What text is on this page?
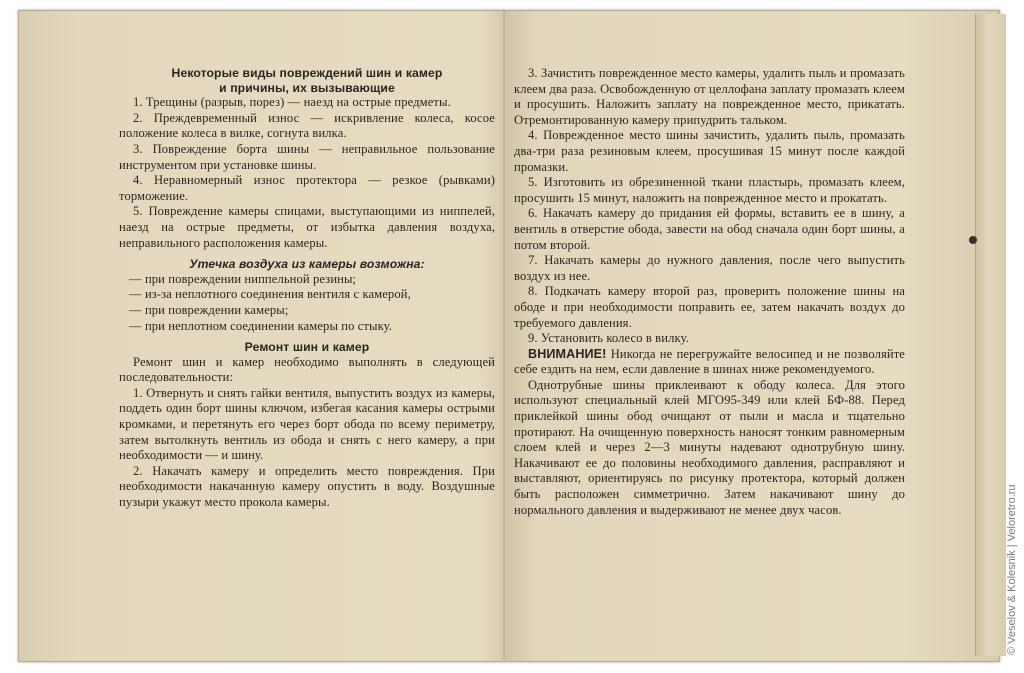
Некоторые виды повреждений шин и камер
и причины, их вызывающие

1. Трещины (разрыв, порез) — наезд на острые предметы.

2. Преждевременный износ — искривление колеса, косое положение колеса в вилке, согнута вилка.

3. Повреждение борта шины — неправильное пользование инструментом при установке шины.

4. Неравномерный износ протектора — резкое (рывками) торможение.

5. Повреждение камеры спицами, выступающими из ниппелей, наезд на острые предметы, от избытка давления воздуха, неправильного расположения камеры.

Утечка воздуха из камеры возможна:

— при повреждении ниппельной резины;

— из-за неплотного соединения вентиля с камерой,

— при повреждении камеры;

— при неплотном соединении камеры по стыку.

Ремонт шин и камер

Ремонт шин и камер необходимо выполнять в следующей последовательности:

1. Отвернуть и снять гайки вентиля, выпустить воздух из камеры, поддеть один борт шины ключом, избегая касания камеры острыми кромками, и перетянуть его через борт обода по всему периметру, затем вытолкнуть вентиль из обода и снять с него камеру, а при необходимости — и шину.

2. Накачать камеру и определить место повреждения. При необходимости накачанную камеру опустить в воду. Воздушные пузыри укажут место прокола камеры.

3. Зачистить поврежденное место камеры, удалить пыль и промазать клеем два раза. Освобожденную от целлофана заплату промазать клеем и просушить. Наложить заплату на поврежденное место, прикатать. Отремонтированную камеру припудрить тальком.

4. Поврежденное место шины зачистить, удалить пыль, промазать два-три раза резиновым клеем, просушивая 15 минут после каждой промазки.

5. Изготовить из обрезиненной ткани пластырь, промазать клеем, просушить 15 минут, наложить на поврежденное место и прокатать.

6. Накачать камеру до придания ей формы, вставить ее в шину, а вентиль в отверстие обода, завести на обод сначала один борт шины, а потом второй.

7. Накачать камеры до нужного давления, после чего выпустить воздух из нее.

8. Подкачать камеру второй раз, проверить положение шины на ободе и при необходимости поправить ее, затем накачать воздух до требуемого давления.

9. Установить колесо в вилку.

ВНИМАНИЕ! Никогда не перегружайте велосипед и не позволяйте себе ездить на нем, если давление в шинах ниже рекомендуемого.

Однотрубные шины приклеивают к ободу колеса. Для этого используют специальный клей МГО95-349 или клей БФ-88. Перед приклейкой шины обод очищают от пыли и масла и тщательно протирают. На очищенную поверхность наносят тонким равномерным слоем клей и через 2—3 минуты надевают однотрубную шину. Накачивают ее до половины необходимого давления, расправляют и выставляют, ориентируясь по рисунку протектора, который должен быть расположен симметрично. Затем накачивают шину до нормального давления и выдерживают не менее двух часов.	© Veselov & Kolesnik | Veloretro.ru
